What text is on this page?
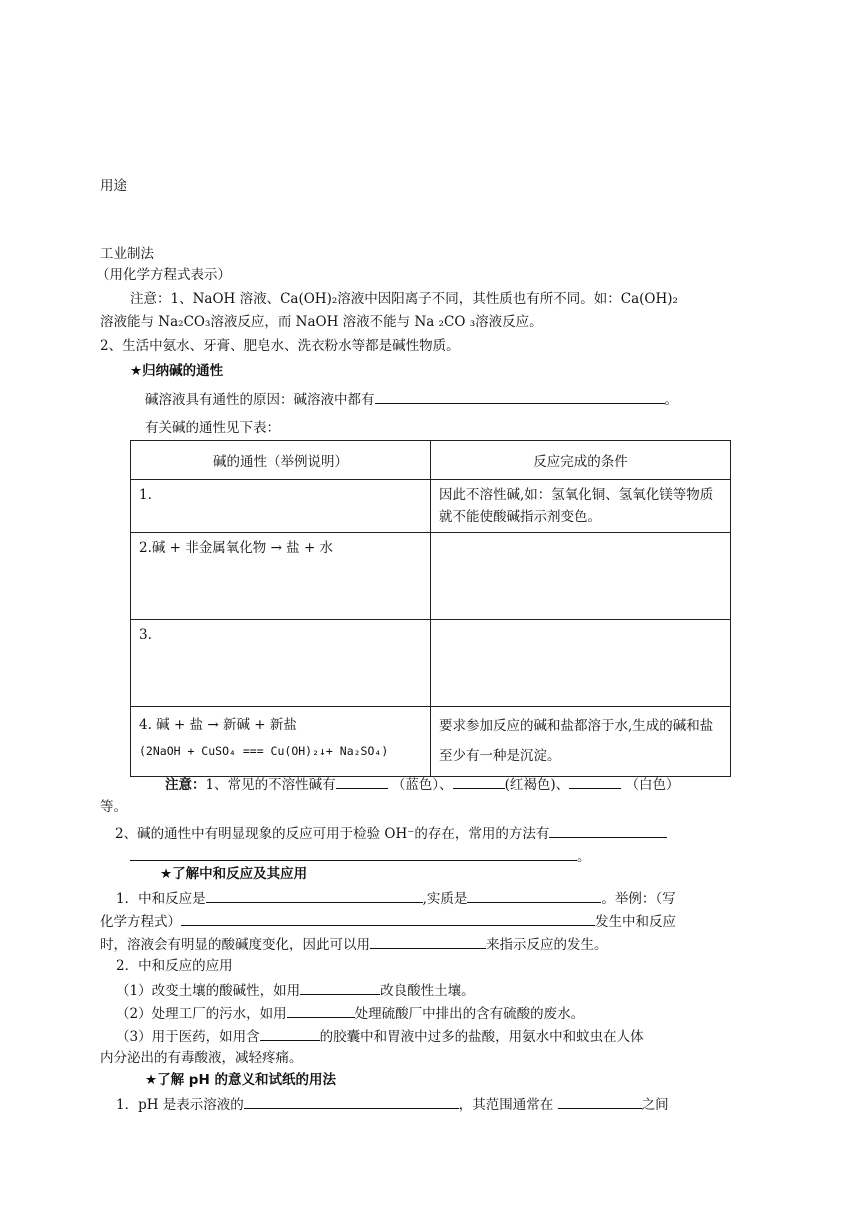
用途
工业制法
（用化学方程式表示）
注意：1、NaOH 溶液、Ca(OH)₂溶液中因阳离子不同，其性质也有所不同。如：Ca(OH)₂
溶液能与 Na₂CO₃溶液反应，而 NaOH 溶液不能与 Na ₂CO ₃溶液反应。
2、生活中氨水、牙膏、肥皂水、洗衣粉水等都是碱性物质。
★归纳碱的通性
碱溶液具有通性的原因：碱溶液中都有	。
有关碱的通性见下表：
碱的通性（举例说明）	反应完成的条件
1.	因此不溶性碱,如：氢氧化铜、氢氧化镁等物质就不能使酸碱指示剂变色。
2.碱 + 非金属氧化物 → 盐 + 水	
3.	

4. 碱 + 盐 → 新碱 + 新盐
(2NaOH + CuSO₄ === Cu(OH)₂↓+ Na₂SO₄)	要求参加反应的碱和盐都溶于水,生成的碱和盐至少有一种是沉淀。
注意：1、常见的不溶性碱有	（蓝色）、	(红褐色)、	（白色）
等。
2、碱的通性中有明显现象的反应可用于检验 OH⁻的存在，常用的方法有
。
★了解中和反应及其应用
1．中和反应是	,实质是	。举例：（写
化学方程式）	发生中和反应
时，溶液会有明显的酸碱度变化，因此可以用	来指示反应的发生。
2．中和反应的应用
（1）改变土壤的酸碱性，如用	改良酸性土壤。
（2）处理工厂的污水，如用	处理硫酸厂中排出的含有硫酸的废水。
（3）用于医药，如用含	的胶囊中和胃液中过多的盐酸，用氨水中和蚊虫在人体
内分泌出的有毒酸液，减轻疼痛。
★了解 pH 的意义和试纸的用法
1．pH 是表示溶液的	，其范围通常在	之间
